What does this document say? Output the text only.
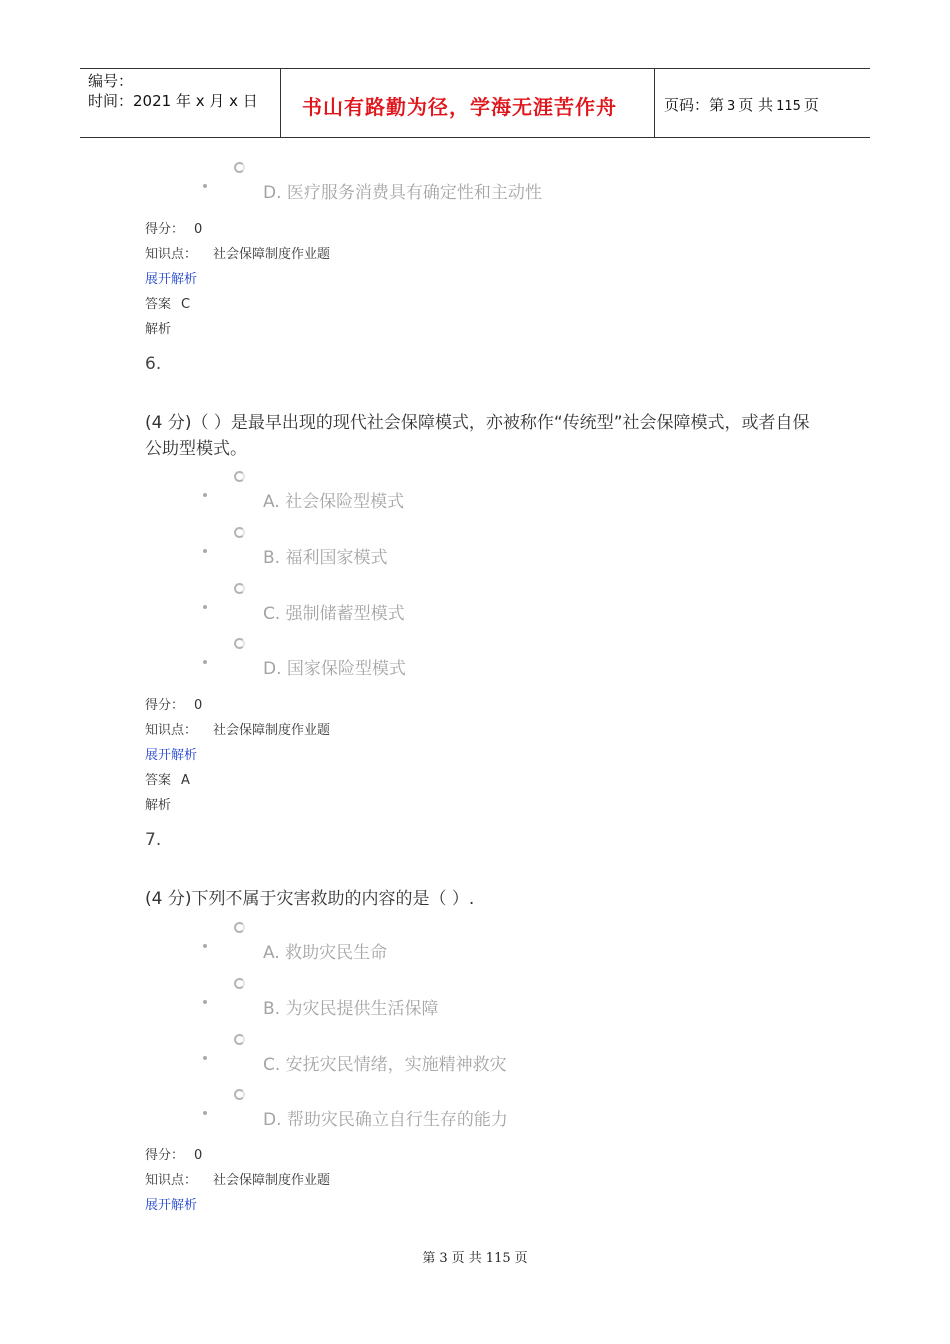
编号：
时间：2021 年 x 月 x 日 书山有路勤为径，学海无涯苦作舟	页码：第 3 页 共 115 页
D. 医疗服务消费具有确定性和主动性
得分： 0
知识点： 社会保障制度作业题
展开解析
答案 C
解析
6.
(4 分)（ ）是最早出现的现代社会保障模式，亦被称作“传统型”社会保障模式，或者自保公助型模式。
A. 社会保险型模式
B. 福利国家模式
C. 强制储蓄型模式
D. 国家保险型模式
得分： 0
知识点： 社会保障制度作业题
展开解析
答案 A
解析
7.
(4 分)下列不属于灾害救助的内容的是（ ）.
A. 救助灾民生命
B. 为灾民提供生活保障
C. 安抚灾民情绪，实施精神救灾
D. 帮助灾民确立自行生存的能力
得分： 0
知识点： 社会保障制度作业题
展开解析
第 3 页 共 115 页
